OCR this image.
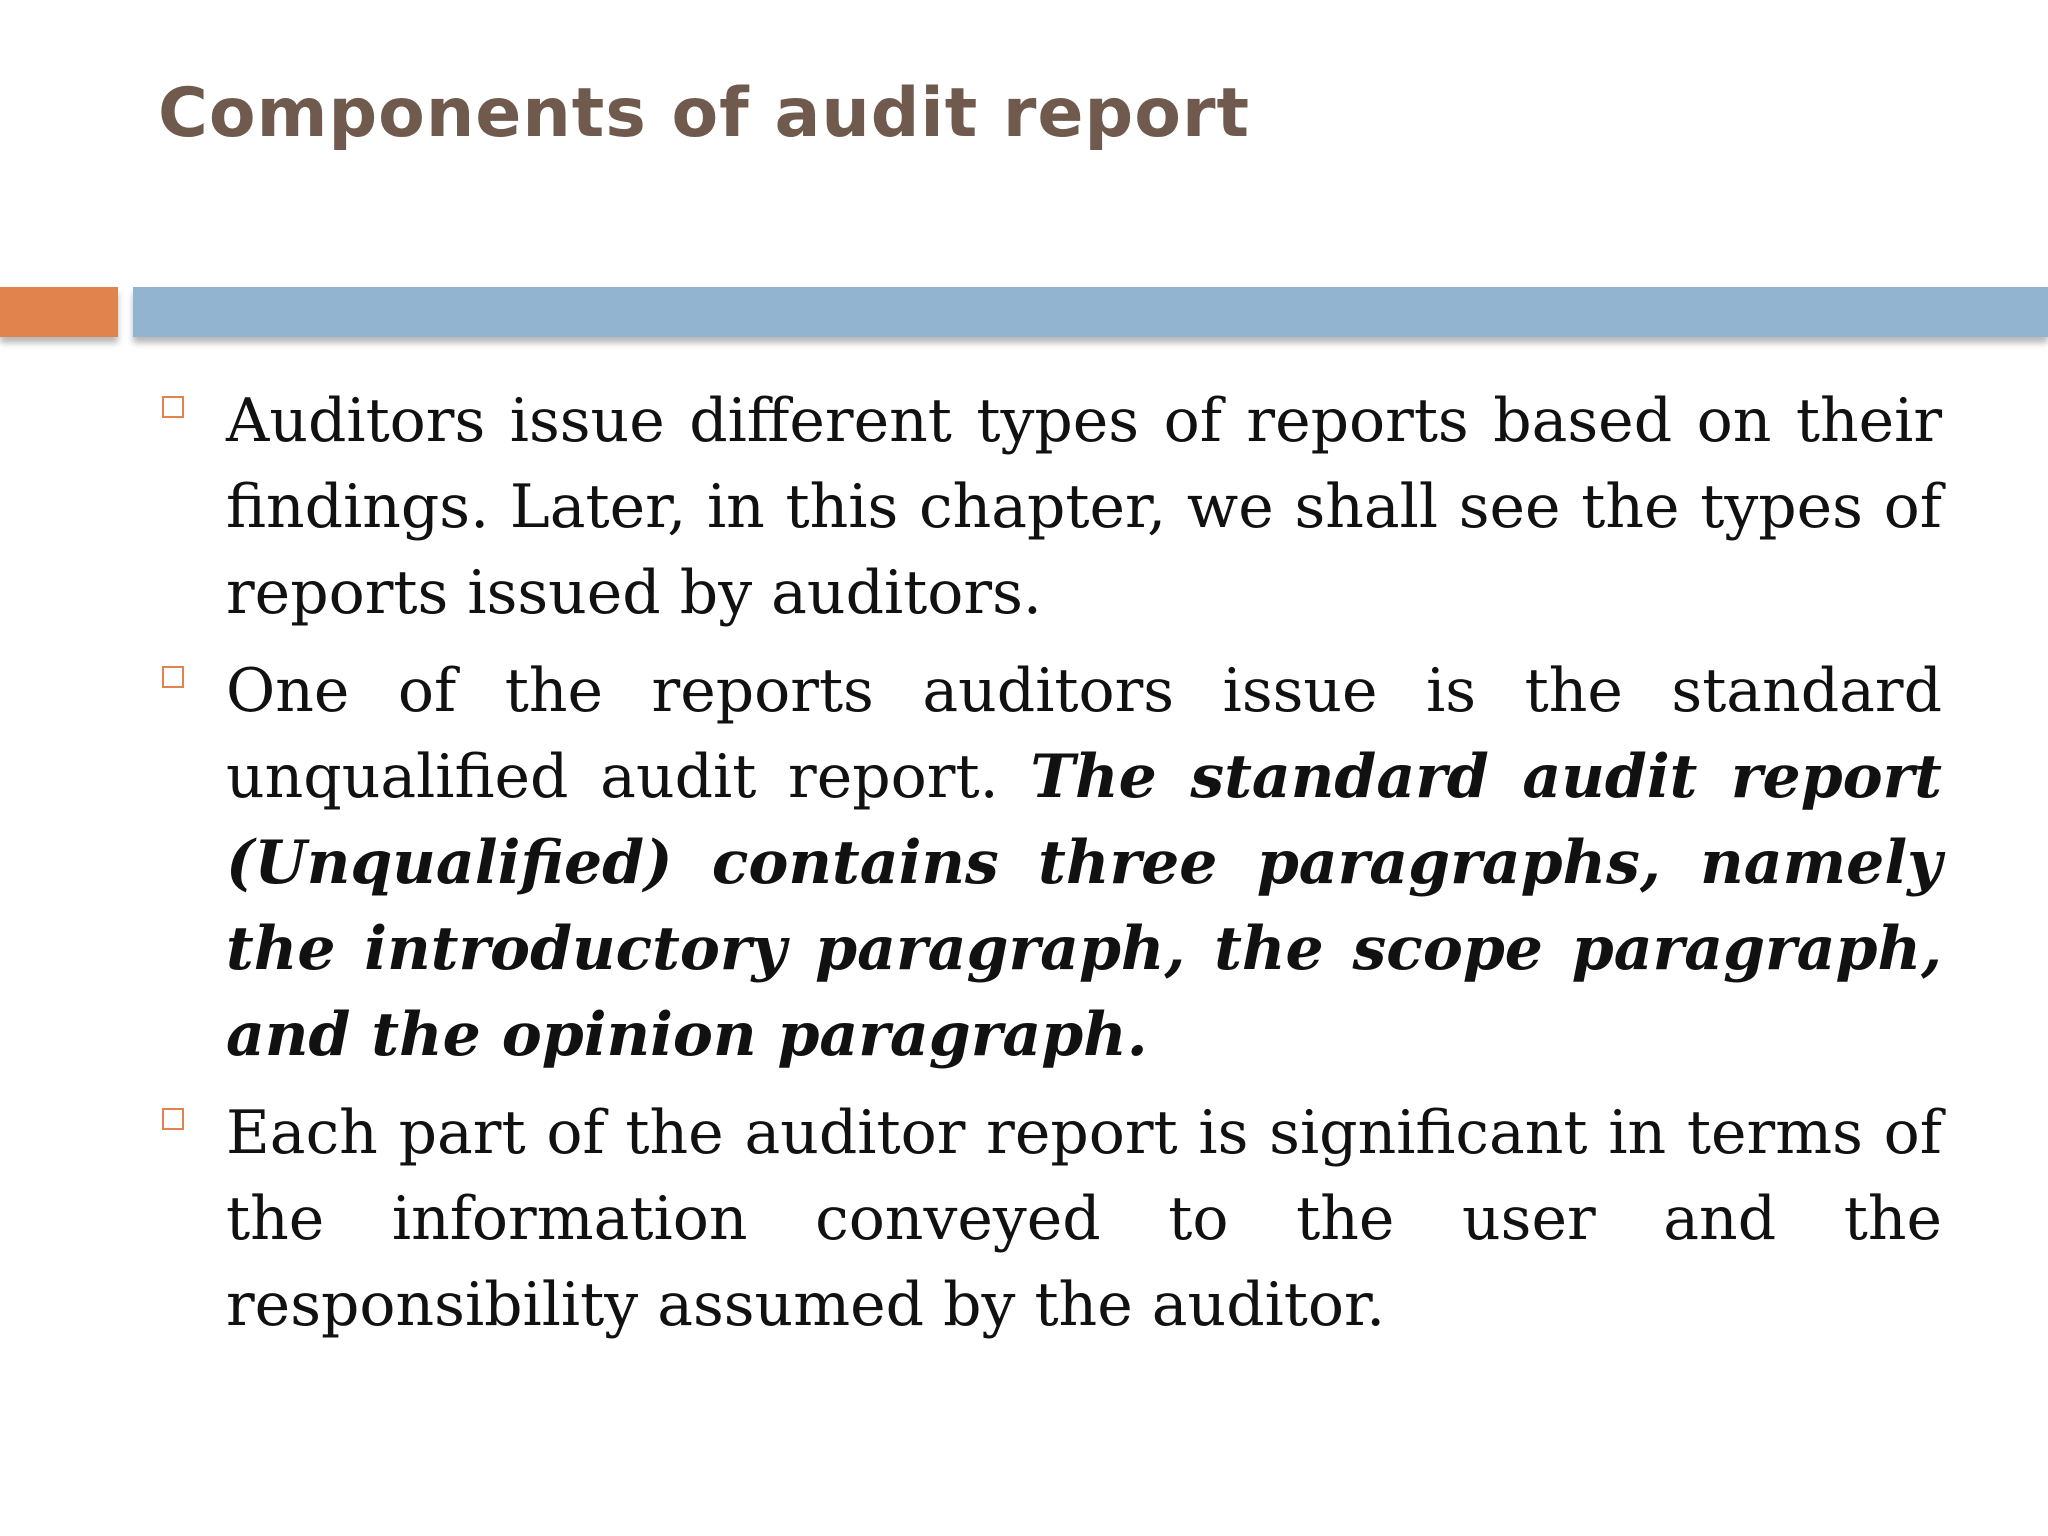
Components of audit report
Auditors issue different types of reports based on their findings. Later, in this chapter, we shall see the types of reports issued by auditors.
One of the reports auditors issue is the standard unqualified audit report. The standard audit report (Unqualified) contains three paragraphs, namely the introductory paragraph, the scope paragraph, and the opinion paragraph.
Each part of the auditor report is significant in terms of the information conveyed to the user and the responsibility assumed by the auditor.
